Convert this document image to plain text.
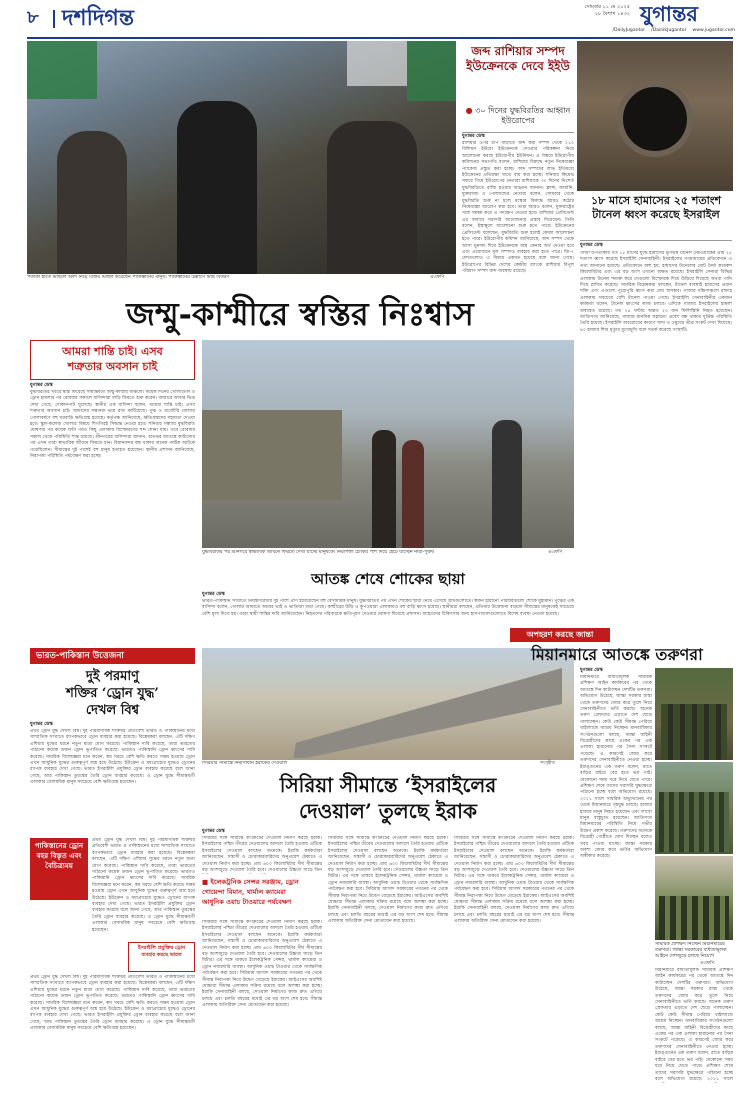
৮ দশদিগন্ত	সোমবার ১১ মে ২০২৫
২৮ বৈশাখ ১৪৩২ যুগান্তর
/DailyJugantor /DainikJugantor www.jugantor.com
পতাকা হাতে মিছিলে অংশ নিয়ে বিজয় মিছিল করেছেন পাকিস্তানের মানুষ। পাকিস্তানের উল্লাসে মিষ্টি বিতরণ	এএফপি
জব্দ রাশিয়ার সম্পদ ইউক্রেনকে দেবে ইইউ
● ৩০ দিনের যুদ্ধবিরতির আহ্বান ইউরোপের
যুগান্তর ডেস্ক
রাশিয়ার ওপর চাপ বাড়াতে জব্দ করা সম্পদ থেকে ২১০ বিলিয়ন ইউরো ইউক্রেনকে দেওয়ার পরিকল্পনা নিয়ে আলোচনা করছে ইউরোপীয় ইউনিয়ন। এ বিষয়ে ইউরোপীয় কমিশনের সভাপতি বলেন, রাশিয়ার বিরুদ্ধে নতুন নিষেধাজ্ঞা প্যাকেজ প্রস্তুত করা হচ্ছে। জব্দ সম্পদের লাভ ইতিমধ্যে ইউক্রেনের প্রতিরক্ষা খাতে ব্যয় করা হচ্ছে। শনিবার কিয়েভ সফরে গিয়ে ইউরোপের নেতারা রাশিয়াকে ৩০ দিনের নিঃশর্ত যুদ্ধবিরতিতে রাজি হওয়ার আহ্বান জানান। ফ্রান্স, জার্মানি, যুক্তরাজ্য ও পোল্যান্ডের নেতারা বলেন, সোমবার থেকে যুদ্ধবিরতি শুরু না হলে মস্কোর বিরুদ্ধে আরও কঠোর নিষেধাজ্ঞা আরোপ করা হবে। তারা আরও বলেন, যুক্তরাষ্ট্রের সঙ্গে সমন্বয় করে এ পদক্ষেপ নেওয়া হবে। রাশিয়ার প্রেসিডেন্ট এর জবাবে সরাসরি আলোচনার প্রস্তাব দিয়েছেন। তিনি বলেন, ইস্তাম্বুলে আলোচনা শুরু হতে পারে। ইউক্রেনের প্রেসিডেন্ট বলেছেন, যুদ্ধবিরতি শুরু হলেই কেবল আলোচনা হতে পারে। ইউরোপীয় কমিশন জানিয়েছে, জব্দ সম্পদ থেকে আসা মুনাফা দিয়ে ইউক্রেনকে অস্ত্র কেনার অর্থ দেওয়া হবে এবং প্রয়োজনে মূল সম্পদও ব্যবহার করা হতে পারে। জি-৭ দেশগুলোও এ বিষয়ে একমত হয়েছে বলে জানা গেছে। ইউরোপের বিভিন্ন দেশের কেন্দ্রীয় ব্যাংকে রাশিয়ার বিপুল পরিমাণ সম্পদ জব্দ অবস্থায় রয়েছে।
১৮ মাসে হামাসের ২৫ শতাংশ টানেল ধ্বংস করেছে ইসরাইল
যুগান্তর ডেস্ক
গাজা উপত্যকায় গত ১৮ মাসের যুদ্ধে হামাসের ভূগর্ভস্থ টানেল নেটওয়ার্কের প্রায় ২৫ শতাংশ ধ্বংস করেছে ইসরাইলি সেনাবাহিনী। ইসরাইলের গণমাধ্যমের প্রতিবেদনে এ তথ্য জানানো হয়েছে। প্রতিবেদনে বলা হয়, হামাসের টানেলের মোট দৈর্ঘ্য কয়েকশ কিলোমিটার এবং এর বড় অংশ এখনো অক্ষত রয়েছে। ইসরাইলি সেনারা বিভিন্ন এলাকায় টানেল শনাক্ত করে সেগুলো বিস্ফোরক দিয়ে উড়িয়ে দিয়েছে অথবা পানি দিয়ে প্লাবিত করেছে। সামরিক বিশ্লেষকরা বলছেন, টানেল ব্যবস্থাই হামাসের প্রধান শক্তি এবং এগুলো পুরোপুরি ধ্বংস করা প্রায় অসম্ভব। গাজার দক্ষিণাঞ্চলে রাফাহ এলাকায় সবচেয়ে বেশি টানেল পাওয়া গেছে। ইসরাইলি সেনাবাহিনীর একজন কর্মকর্তা বলেন, টানেল ধ্বংসের কাজ চলবে। এদিকে গাজায় ইসরাইলের হামলা অব্যাহত রয়েছে। গত ২৪ ঘণ্টায় অন্তত ২০ জন ফিলিস্তিনি নিহত হয়েছেন। জাতিসংঘ জানিয়েছে, গাজায় মানবিক সহায়তা প্রবেশ বন্ধ থাকায় দুর্ভিক্ষ পরিস্থিতি তৈরি হয়েছে। ইসরাইলি অবরোধের কারণে খাদ্য ও ওষুধের তীব্র সংকট দেখা দিয়েছে। ৯০ হাজার শিশু মৃত্যুর মুখোমুখি বলে সতর্ক করেছে সংস্থাটি।
জম্মু-কাশ্মীরে স্বস্তির নিঃশ্বাস
আমরা শান্তি চাই। এসব
শত্রুতার অবসান চাই
যুগান্তর ডেস্ক
যুদ্ধবিরতির খবরে স্বস্তি ফিরেছে সীমান্তবর্তী জম্মু-কাশ্মীর অঞ্চলে। কয়েক দিনের গোলাগুলি ও ড্রোন হামলার পর রোববার সকালে বাসিন্দারা বাড়ি ফিরতে শুরু করেন। বাজারে আবার ভিড় দেখা গেছে, দোকানপাট খুলেছে। স্থানীয় এক বাসিন্দা বলেন, আমরা শান্তি চাই। এসব শত্রুতার অবসান চাই। আমাদের সন্তানরা ভয়ে রাত কাটিয়েছে। পুঞ্চ ও রাজৌরি জেলায় গোলাবর্ষণে বহু ঘরবাড়ি ক্ষতিগ্রস্ত হয়েছে। কর্তৃপক্ষ জানিয়েছে, ক্ষতিগ্রস্তদের সহায়তা দেওয়া হবে। স্কুল-কলেজ খোলার বিষয়ে শিগগিরই সিদ্ধান্ত নেওয়া হবে। শনিবার সন্ধ্যায় যুদ্ধবিরতি ঘোষণার পর কয়েক ঘণ্টা পরও কিছু এলাকায় বিস্ফোরণের শব্দ শোনা যায়। তবে রোববার সকাল থেকে পরিস্থিতি শান্ত রয়েছে। শ্রীনগরের বাসিন্দারা জানান, রাতভর আতঙ্কে কাটানোর পর এখন তারা স্বাভাবিক জীবনে ফিরতে চান। বিমানবন্দর বন্ধ থাকায় অনেক পর্যটক আটকে পড়েছিলেন। সীমান্তের দুই পাশেই বহু মানুষ হতাহত হয়েছেন। স্থানীয় প্রশাসন জানিয়েছে, নিরাপত্তা পরিস্থিতি পর্যবেক্ষণ করা হচ্ছে।
যুদ্ধবিরতির পর শ্রীনগরে স্বাভাবিক জীবনে ফিরতে দেখা যাচ্ছে মানুষকে। নিরাপত্তা চৌকির পাশ দিয়ে হেঁটে যাচ্ছেন নারী-পুরুষ	এএফপি
আতঙ্ক শেষে শোকের ছায়া
যুগান্তর ডেস্ক
ভারত-পাকিস্তান সংঘাতে নিয়ন্ত্রণরেখার দুই পাশে প্রাণ হারিয়েছেন বহু বেসামরিক মানুষ। যুদ্ধবিরতির পর এখন শোকের ছায়া নেমে এসেছে গ্রামগুলোতে। স্বজন হারানো পরিবারগুলো শোকে মুহ্যমান। পুঞ্চের এক বাসিন্দা বলেন, গোলার আঘাতে আমার ভাই ও ভাতিজা মারা গেছে। কাশ্মীরের উড়ি ও কুপওয়ারা এলাকায়ও বহু বাড়ি ধ্বংস হয়েছে। স্থানীয়রা বলছেন, প্রতিবার উত্তেজনা বাড়লে সীমান্তের মানুষকেই সবচেয়ে বেশি মূল্য দিতে হয়। তারা স্থায়ী শান্তির দাবি জানিয়েছেন। নিহতদের পরিবারকে ক্ষতিপূরণ দেওয়ার ঘোষণা দিয়েছে প্রশাসন। আহতদের চিকিৎসার জন্য হাসপাতালগুলোতে বিশেষ ব্যবস্থা নেওয়া হয়েছে।
ভারত-পাকিস্তান উত্তেজনা
দুই পরমাণু
শক্তির ‘ড্রোন যুদ্ধ’
দেখল বিশ্ব
যুগান্তর ডেস্ক
প্রথম ড্রোন যুদ্ধ দেখল বিশ্ব। দুই পারমাণবিক শক্তিধর প্রতিবেশী ভারত ও পাকিস্তানের মধ্যে সাম্প্রতিক সংঘাতে ব্যাপকভাবে ড্রোন ব্যবহার করা হয়েছে। বিশ্লেষকরা বলছেন, এটি দক্ষিণ এশিয়ার যুদ্ধের ধরনে নতুন মাত্রা যোগ করেছে। পাকিস্তান দাবি করেছে, তারা ভারতের পাঠানো কয়েক ডজন ড্রোন ভূপাতিত করেছে। ভারতও পাকিস্তানি ড্রোন ধ্বংসের দাবি করেছে। সামরিক বিশেষজ্ঞরা মনে করেন, কম খরচে বেশি ক্ষতি করতে সক্ষম হওয়ায় ড্রোন এখন আধুনিক যুদ্ধের গুরুত্বপূর্ণ অস্ত্র হয়ে উঠেছে। ইউক্রেন ও মধ্যপ্রাচ্যের যুদ্ধেও ড্রোনের ব্যাপক ব্যবহার দেখা গেছে। ভারত ইসরাইলি প্রযুক্তির ড্রোন ব্যবহার করেছে বলে জানা গেছে, আর পাকিস্তান তুরস্কের তৈরি ড্রোন ব্যবহার করেছে। এ ড্রোন যুদ্ধে সীমান্তবর্তী এলাকার বেসামরিক মানুষ সবচেয়ে বেশি ক্ষতিগ্রস্ত হয়েছেন।
পাকিস্তানের ড্রোন বহর বিস্তৃত এবং বৈচিত্র্যময়
প্রথম ড্রোন যুদ্ধ দেখল বিশ্ব। দুই পারমাণবিক শক্তিধর প্রতিবেশী ভারত ও পাকিস্তানের মধ্যে সাম্প্রতিক সংঘাতে ব্যাপকভাবে ড্রোন ব্যবহার করা হয়েছে। বিশ্লেষকরা বলছেন, এটি দক্ষিণ এশিয়ার যুদ্ধের ধরনে নতুন মাত্রা যোগ করেছে। পাকিস্তান দাবি করেছে, তারা ভারতের পাঠানো কয়েক ডজন ড্রোন ভূপাতিত করেছে। ভারতও পাকিস্তানি ড্রোন ধ্বংসের দাবি করেছে। সামরিক বিশেষজ্ঞরা মনে করেন, কম খরচে বেশি ক্ষতি করতে সক্ষম হওয়ায় ড্রোন এখন আধুনিক যুদ্ধের গুরুত্বপূর্ণ অস্ত্র হয়ে উঠেছে। ইউক্রেন ও মধ্যপ্রাচ্যের যুদ্ধেও ড্রোনের ব্যাপক ব্যবহার দেখা গেছে। ভারত ইসরাইলি প্রযুক্তির ড্রোন ব্যবহার করেছে বলে জানা গেছে, আর পাকিস্তান তুরস্কের তৈরি ড্রোন ব্যবহার করেছে। এ ড্রোন যুদ্ধে সীমান্তবর্তী এলাকার বেসামরিক মানুষ সবচেয়ে বেশি ক্ষতিগ্রস্ত হয়েছেন।
ইসরাইলি প্রযুক্তির ড্রোন ব্যবহার করছে ভারত
প্রথম ড্রোন যুদ্ধ দেখল বিশ্ব। দুই পারমাণবিক শক্তিধর প্রতিবেশী ভারত ও পাকিস্তানের মধ্যে সাম্প্রতিক সংঘাতে ব্যাপকভাবে ড্রোন ব্যবহার করা হয়েছে। বিশ্লেষকরা বলছেন, এটি দক্ষিণ এশিয়ার যুদ্ধের ধরনে নতুন মাত্রা যোগ করেছে। পাকিস্তান দাবি করেছে, তারা ভারতের পাঠানো কয়েক ডজন ড্রোন ভূপাতিত করেছে। ভারতও পাকিস্তানি ড্রোন ধ্বংসের দাবি করেছে। সামরিক বিশেষজ্ঞরা মনে করেন, কম খরচে বেশি ক্ষতি করতে সক্ষম হওয়ায় ড্রোন এখন আধুনিক যুদ্ধের গুরুত্বপূর্ণ অস্ত্র হয়ে উঠেছে। ইউক্রেন ও মধ্যপ্রাচ্যের যুদ্ধেও ড্রোনের ব্যাপক ব্যবহার দেখা গেছে। ভারত ইসরাইলি প্রযুক্তির ড্রোন ব্যবহার করেছে বলে জানা গেছে, আর পাকিস্তান তুরস্কের তৈরি ড্রোন ব্যবহার করেছে। এ ড্রোন যুদ্ধে সীমান্তবর্তী এলাকার বেসামরিক মানুষ সবচেয়ে বেশি ক্ষতিগ্রস্ত হয়েছেন।
সিরিয়ার সীমান্তে নির্মাণাধীন ইরাকের দেওয়াল	সংগৃহীত
সিরিয়া সীমান্তে ‘ইসরাইলের
দেওয়াল’ তুলছে ইরাক
যুগান্তর ডেস্ক
সিরিয়ার সঙ্গে সীমান্তে কংক্রিটের দেওয়াল নির্মাণ করছে ইরাক। ইসরাইলের পশ্চিম তীরের দেওয়ালের আদলে তৈরি হওয়ায় এটিকে ইসরাইলের দেওয়াল বলছেন অনেকে। ইরাকি কর্মকর্তারা জানিয়েছেন, সন্ত্রাসী ও চোরাকারবারিদের অনুপ্রবেশ ঠেকাতে এ দেওয়াল নির্মাণ করা হচ্ছে। প্রায় ৬০০ কিলোমিটার দীর্ঘ সীমান্তের বড় অংশজুড়ে দেওয়াল তৈরি হবে। দেওয়ালের উচ্চতা সাড়ে তিন
সিরিয়ার সঙ্গে সীমান্তে কংক্রিটের দেওয়াল নির্মাণ করছে ইরাক। ইসরাইলের পশ্চিম তীরের দেওয়ালের আদলে তৈরি হওয়ায় এটিকে ইসরাইলের দেওয়াল বলছেন অনেকে। ইরাকি কর্মকর্তারা জানিয়েছেন, সন্ত্রাসী ও চোরাকারবারিদের অনুপ্রবেশ ঠেকাতে এ দেওয়াল নির্মাণ করা হচ্ছে। প্রায় ৬০০ কিলোমিটার দীর্ঘ সীমান্তের বড় অংশজুড়ে দেওয়াল তৈরি হবে। দেওয়ালের উচ্চতা সাড়ে তিন মিটার। এর সঙ্গে থাকবে ইলেকট্রনিক সেন্সর, থার্মাল ক্যামেরা ও ড্রোন নজরদারি ব্যবস্থা। আধুনিক ওয়াচ টাওয়ার থেকে সার্বক্ষণিক পর্যবেক্ষণ করা হবে। সিরিয়ায় আসাদ সরকারের পতনের পর থেকে সীমান্ত নিরাপত্তা নিয়ে উদ্বেগ বেড়েছে ইরাকের। আইএসের অবশিষ্ট যোদ্ধারা সীমান্ত এলাকায় সক্রিয় রয়েছে বলে আশঙ্কা করা হচ্ছে। ইরাকি সেনাবাহিনী বলছে, দেওয়াল নির্মাণের কাজ দ্রুত এগিয়ে চলছে এবং চলতি বছরের মধ্যেই এর বড় অংশ শেষ হবে। সীমান্ত এলাকায় অতিরিক্ত সেনা মোতায়েন করা হয়েছে।
সিরিয়ার সঙ্গে সীমান্তে কংক্রিটের দেওয়াল নির্মাণ করছে ইরাক। ইসরাইলের পশ্চিম তীরের দেওয়ালের আদলে তৈরি হওয়ায় এটিকে ইসরাইলের দেওয়াল বলছেন অনেকে। ইরাকি কর্মকর্তারা জানিয়েছেন, সন্ত্রাসী ও চোরাকারবারিদের অনুপ্রবেশ ঠেকাতে এ দেওয়াল নির্মাণ করা হচ্ছে। প্রায় ৬০০ কিলোমিটার দীর্ঘ সীমান্তের বড় অংশজুড়ে দেওয়াল তৈরি হবে। দেওয়ালের উচ্চতা সাড়ে তিন মিটার। এর সঙ্গে থাকবে ইলেকট্রনিক সেন্সর, থার্মাল ক্যামেরা ও ড্রোন নজরদারি ব্যবস্থা। আধুনিক ওয়াচ টাওয়ার থেকে সার্বক্ষণিক পর্যবেক্ষণ করা হবে। সিরিয়ায় আসাদ সরকারের পতনের পর থেকে সীমান্ত নিরাপত্তা নিয়ে উদ্বেগ বেড়েছে ইরাকের। আইএসের অবশিষ্ট যোদ্ধারা সীমান্ত এলাকায় সক্রিয় রয়েছে বলে আশঙ্কা করা হচ্ছে। ইরাকি সেনাবাহিনী বলছে, দেওয়াল নির্মাণের কাজ দ্রুত এগিয়ে চলছে এবং চলতি বছরের মধ্যেই এর বড় অংশ শেষ হবে। সীমান্ত এলাকায় অতিরিক্ত সেনা মোতায়েন করা হয়েছে।
■ ইলেকট্রনিক সেন্সর সরঞ্জাম, ড্রোন
গোয়েন্দা বিমান, থার্মাল ক্যামেরা
আধুনিক ওয়াচ টাওয়ারে পর্যবেক্ষণ
সিরিয়ার সঙ্গে সীমান্তে কংক্রিটের দেওয়াল নির্মাণ করছে ইরাক। ইসরাইলের পশ্চিম তীরের দেওয়ালের আদলে তৈরি হওয়ায় এটিকে ইসরাইলের দেওয়াল বলছেন অনেকে। ইরাকি কর্মকর্তারা জানিয়েছেন, সন্ত্রাসী ও চোরাকারবারিদের অনুপ্রবেশ ঠেকাতে এ দেওয়াল নির্মাণ করা হচ্ছে। প্রায় ৬০০ কিলোমিটার দীর্ঘ সীমান্তের বড় অংশজুড়ে দেওয়াল তৈরি হবে। দেওয়ালের উচ্চতা সাড়ে তিন মিটার। এর সঙ্গে থাকবে ইলেকট্রনিক সেন্সর, থার্মাল ক্যামেরা ও ড্রোন নজরদারি ব্যবস্থা। আধুনিক ওয়াচ টাওয়ার থেকে সার্বক্ষণিক পর্যবেক্ষণ করা হবে। সিরিয়ায় আসাদ সরকারের পতনের পর থেকে সীমান্ত নিরাপত্তা নিয়ে উদ্বেগ বেড়েছে ইরাকের। আইএসের অবশিষ্ট যোদ্ধারা সীমান্ত এলাকায় সক্রিয় রয়েছে বলে আশঙ্কা করা হচ্ছে। ইরাকি সেনাবাহিনী বলছে, দেওয়াল নির্মাণের কাজ দ্রুত এগিয়ে চলছে এবং চলতি বছরের মধ্যেই এর বড় অংশ শেষ হবে। সীমান্ত এলাকায় অতিরিক্ত সেনা মোতায়েন করা হয়েছে।
অপহরণ করছে জান্তা
মিয়ানমারে আতঙ্কে তরুণরা
যুগান্তর ডেস্ক
মিয়ানমারে বাধ্যতামূলক সামরিক প্রশিক্ষণ আইন কার্যকরের পর থেকে আতঙ্কে দিন কাটাচ্ছেন দেশটির তরুণরা। অভিযোগ উঠেছে, জান্তা সরকার রাস্তা থেকে তরুণদের জোর করে তুলে নিয়ে সেনাবাহিনীতে ভর্তি করছে। অনেক তরুণ গ্রেফতার এড়াতে দেশ ছেড়ে পালাচ্ছেন। কেউ কেউ সীমান্ত পেরিয়ে থাইল্যান্ডে আশ্রয় নিচ্ছেন। মানবাধিকার সংগঠনগুলো বলছে, জান্তা বাহিনী বিদ্রোহীদের কাছে একের পর এক এলাকা হারানোর পর সৈন্য সংকটে পড়েছে। এ কারণেই জোর করে তরুণদের সেনাবাহিনীতে নেওয়া হচ্ছে। ইয়াঙ্গুনের এক তরুণ বলেন, রাতে বাড়ির বাইরে বের হতে ভয় পাই। যেকোনো সময় ধরে নিয়ে যেতে পারে। প্রশিক্ষণ শেষে তাদের সরাসরি যুদ্ধক্ষেত্রে পাঠানো হচ্ছে বলে অভিযোগ রয়েছে। ২০২১ সালে সামরিক অভ্যুত্থানের পর থেকে মিয়ানমারে গৃহযুদ্ধ চলছে। হাজার হাজার মানুষ নিহত হয়েছেন এবং লাখো মানুষ বাস্তুচ্যুত হয়েছেন। জাতিসংঘ মিয়ানমারের পরিস্থিতি নিয়ে গভীর উদ্বেগ প্রকাশ করেছে। তরুণদের অনেকে বিদ্রোহী গোষ্ঠীতে যোগ দিচ্ছেন বলেও খবর পাওয়া যাচ্ছে। জান্তা সরকার অবশ্য জোর করে ভর্তির অভিযোগ অস্বীকার করেছে।
সামরিক প্রশিক্ষণ নিচ্ছেন মিয়ানমারের তরুণরা। জান্তা সরকারের বাধ্যতামূলক আইনে দেশজুড়ে চলছে নিয়োগ
এএফপি
মিয়ানমারে বাধ্যতামূলক সামরিক প্রশিক্ষণ আইন কার্যকরের পর থেকে আতঙ্কে দিন কাটাচ্ছেন দেশটির তরুণরা। অভিযোগ উঠেছে, জান্তা সরকার রাস্তা থেকে তরুণদের জোর করে তুলে নিয়ে সেনাবাহিনীতে ভর্তি করছে। অনেক তরুণ গ্রেফতার এড়াতে দেশ ছেড়ে পালাচ্ছেন। কেউ কেউ সীমান্ত পেরিয়ে থাইল্যান্ডে আশ্রয় নিচ্ছেন। মানবাধিকার সংগঠনগুলো বলছে, জান্তা বাহিনী বিদ্রোহীদের কাছে একের পর এক এলাকা হারানোর পর সৈন্য সংকটে পড়েছে। এ কারণেই জোর করে তরুণদের সেনাবাহিনীতে নেওয়া হচ্ছে। ইয়াঙ্গুনের এক তরুণ বলেন, রাতে বাড়ির বাইরে বের হতে ভয় পাই। যেকোনো সময় ধরে নিয়ে যেতে পারে। প্রশিক্ষণ শেষে তাদের সরাসরি যুদ্ধক্ষেত্রে পাঠানো হচ্ছে বলে অভিযোগ রয়েছে। ২০২১ সালে
